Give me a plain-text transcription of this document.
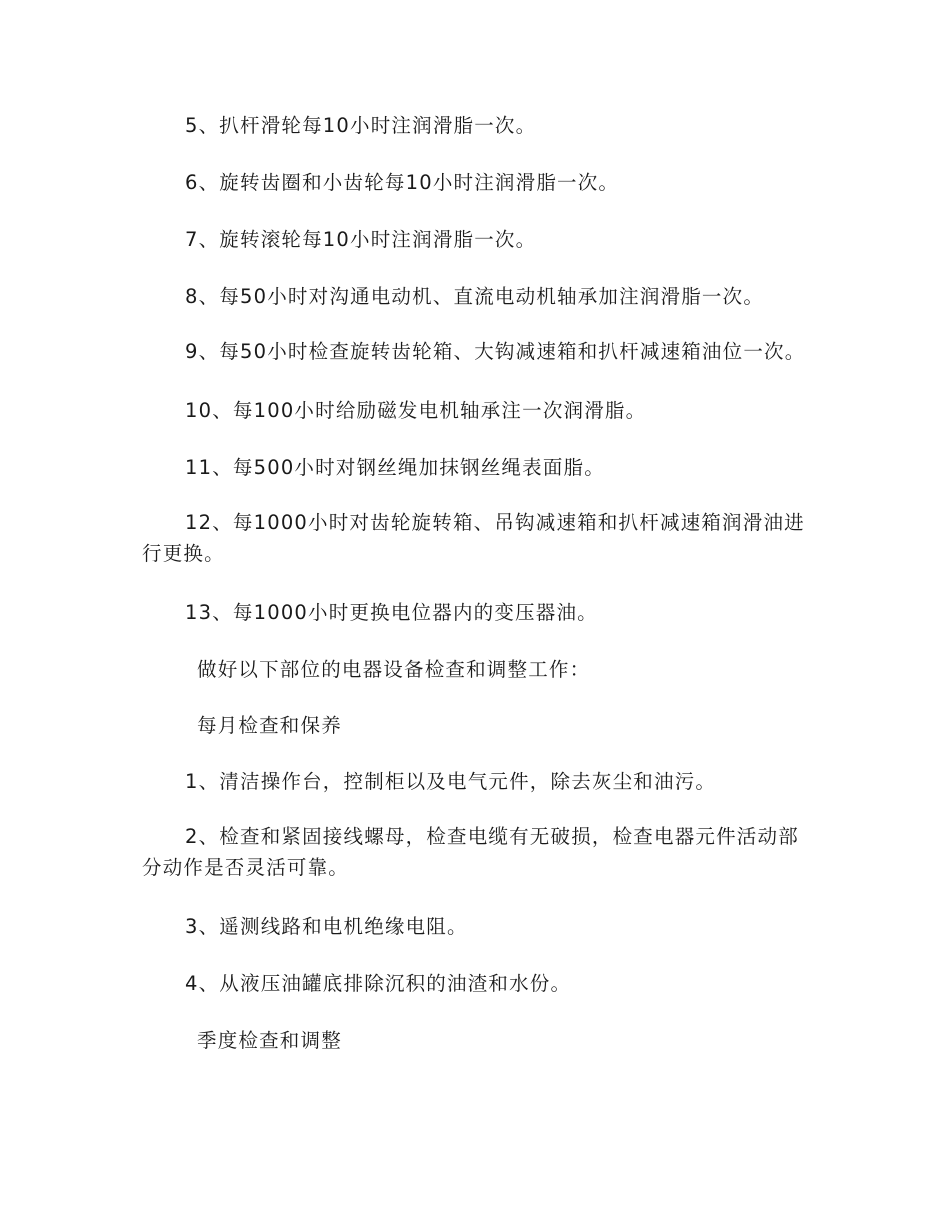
5、扒杆滑轮每10小时注润滑脂一次。

6、旋转齿圈和小齿轮每10小时注润滑脂一次。

7、旋转滚轮每10小时注润滑脂一次。

8、每50小时对沟通电动机、直流电动机轴承加注润滑脂一次。

9、每50小时检查旋转齿轮箱、大钩减速箱和扒杆减速箱油位一次。

10、每100小时给励磁发电机轴承注一次润滑脂。

11、每500小时对钢丝绳加抹钢丝绳表面脂。

12、每1000小时对齿轮旋转箱、吊钩减速箱和扒杆减速箱润滑油进行更换。

13、每1000小时更换电位器内的变压器油。

做好以下部位的电器设备检查和调整工作：

每月检查和保养

1、清洁操作台，控制柜以及电气元件，除去灰尘和油污。

2、检查和紧固接线螺母，检查电缆有无破损，检查电器元件活动部分动作是否灵活可靠。

3、遥测线路和电机绝缘电阻。

4、从液压油罐底排除沉积的油渣和水份。

季度检查和调整
